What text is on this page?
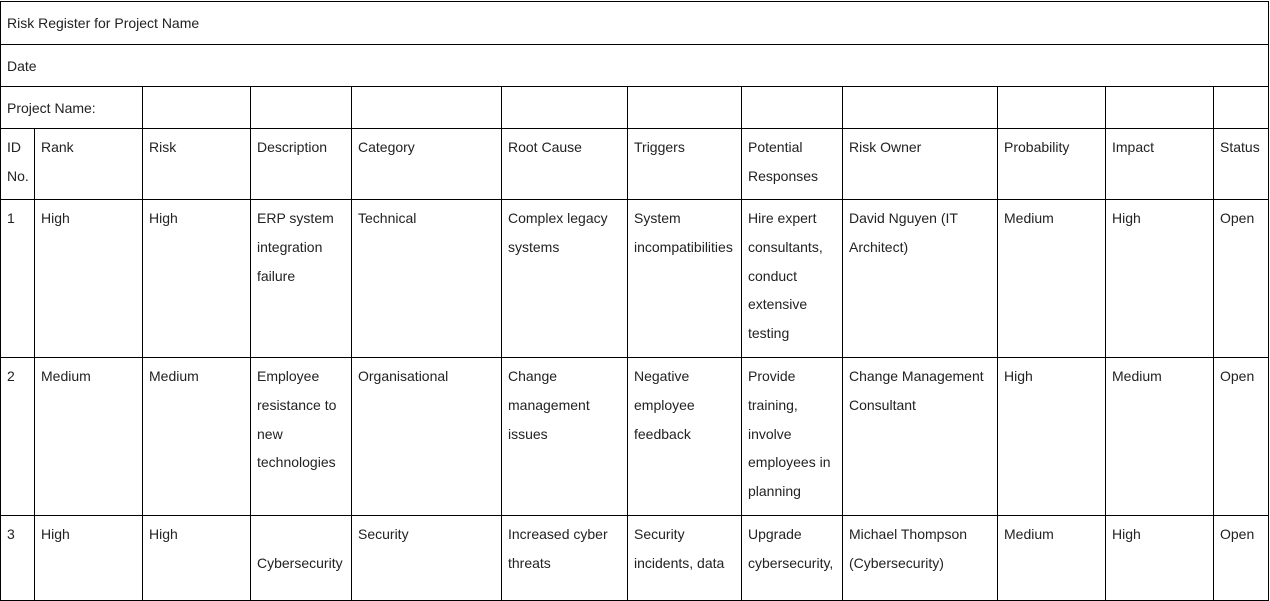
Risk Register for Project Name											
Date											
Project Name:											
ID No.	Rank	Risk	Description	Category	Root Cause	Triggers	Potential Responses	Risk Owner	Probability	Impact	Status
1	High	High	ERP system integration failure	Technical	Complex legacy systems	System incompatibilities	Hire expert consultants, conduct extensive testing	David Nguyen (IT Architect)	Medium	High	Open
2	Medium	Medium	Employee resistance to new technologies	Organisational	Change management issues	Negative employee feedback	Provide training, involve employees in planning	Change Management Consultant	High	Medium	Open
3	High	High	Cybersecurity	Security	Increased cyber threats	Security incidents, data	Upgrade cybersecurity,	Michael Thompson (Cybersecurity)	Medium	High	Open
